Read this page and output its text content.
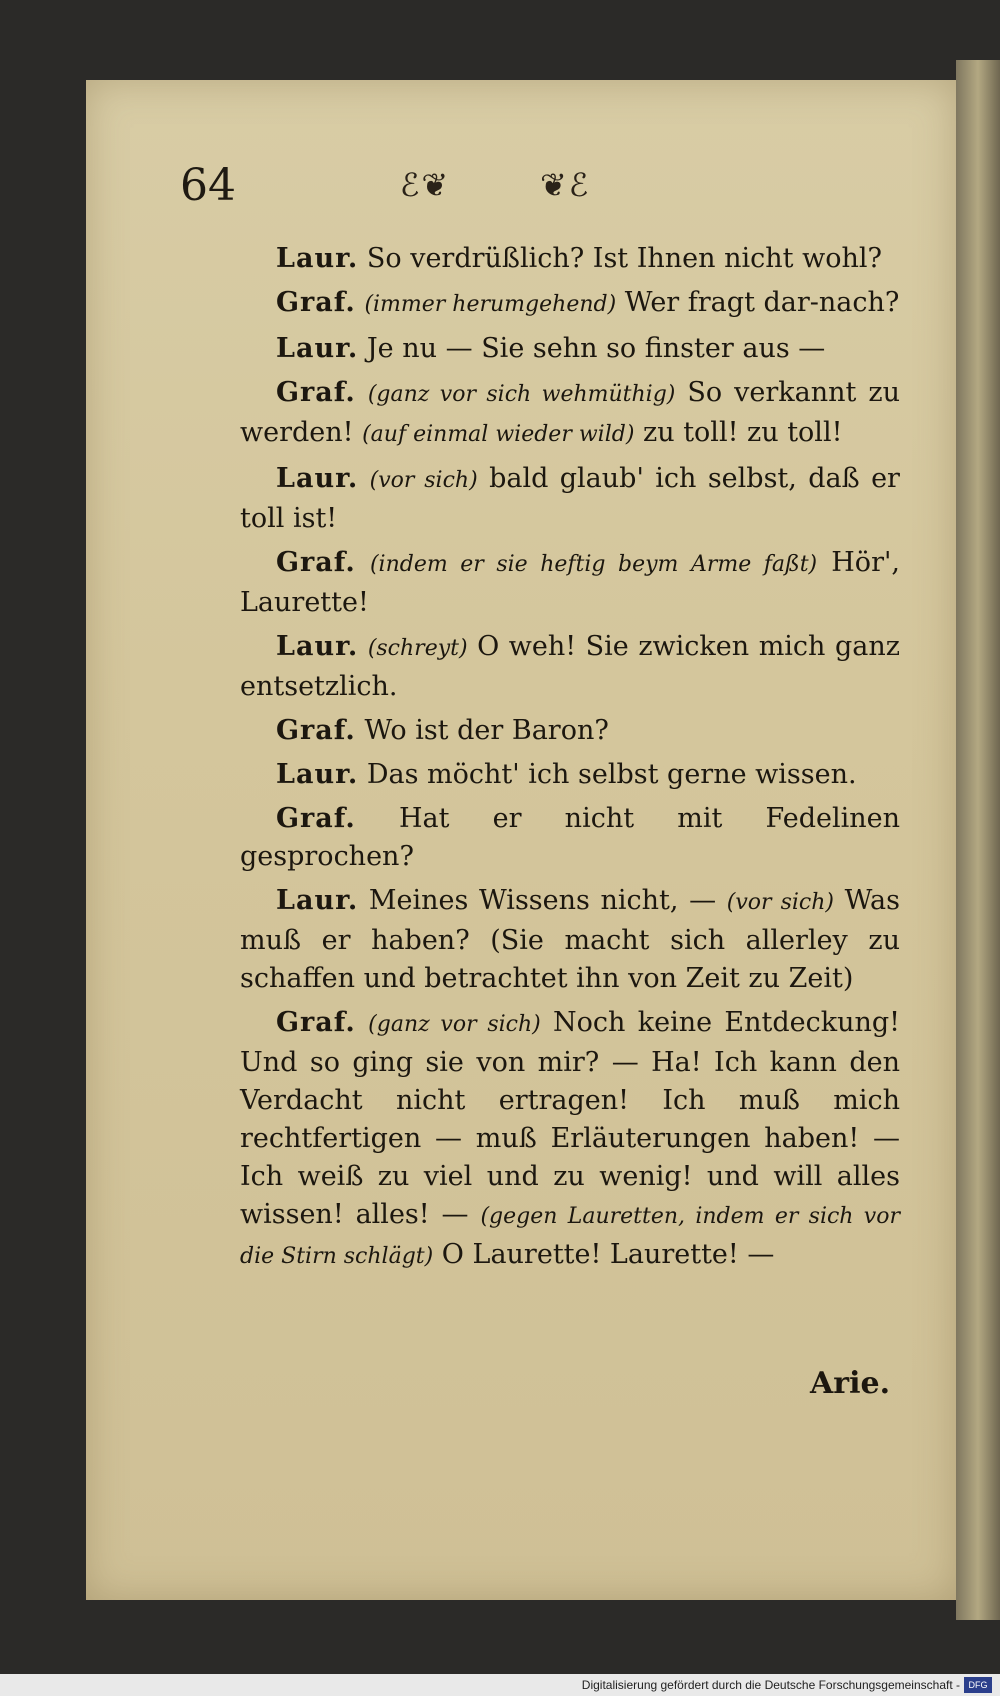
64	ℰ❦	❦ℰ

Laur. So verdrüßlich? Ist Ihnen nicht wohl?

Graf. (immer herumgehend) Wer fragt dar-nach?

Laur. Je nu — Sie sehn so finster aus —

Graf. (ganz vor sich wehmüthig) So verkannt zu werden! (auf einmal wieder wild) zu toll! zu toll!

Laur. (vor sich) bald glaub' ich selbst, daß er toll ist!

Graf. (indem er sie heftig beym Arme faßt) Hör', Laurette!

Laur. (schreyt) O weh! Sie zwicken mich ganz entsetzlich.

Graf. Wo ist der Baron?

Laur. Das möcht' ich selbst gerne wissen.

Graf. Hat er nicht mit Fedelinen gesprochen?

Laur. Meines Wissens nicht, — (vor sich) Was muß er haben? (Sie macht sich allerley zu schaffen und betrachtet ihn von Zeit zu Zeit)

Graf. (ganz vor sich) Noch keine Entdeckung! Und so ging sie von mir? — Ha! Ich kann den Verdacht nicht ertragen! Ich muß mich rechtfertigen — muß Erläuterungen haben! — Ich weiß zu viel und zu wenig! und will alles wissen! alles! — (gegen Lauretten, indem er sich vor die Stirn schlägt) O Laurette! Laurette! —

Arie.
Digitalisierung gefördert durch die Deutsche Forschungsgemeinschaft - DFG
